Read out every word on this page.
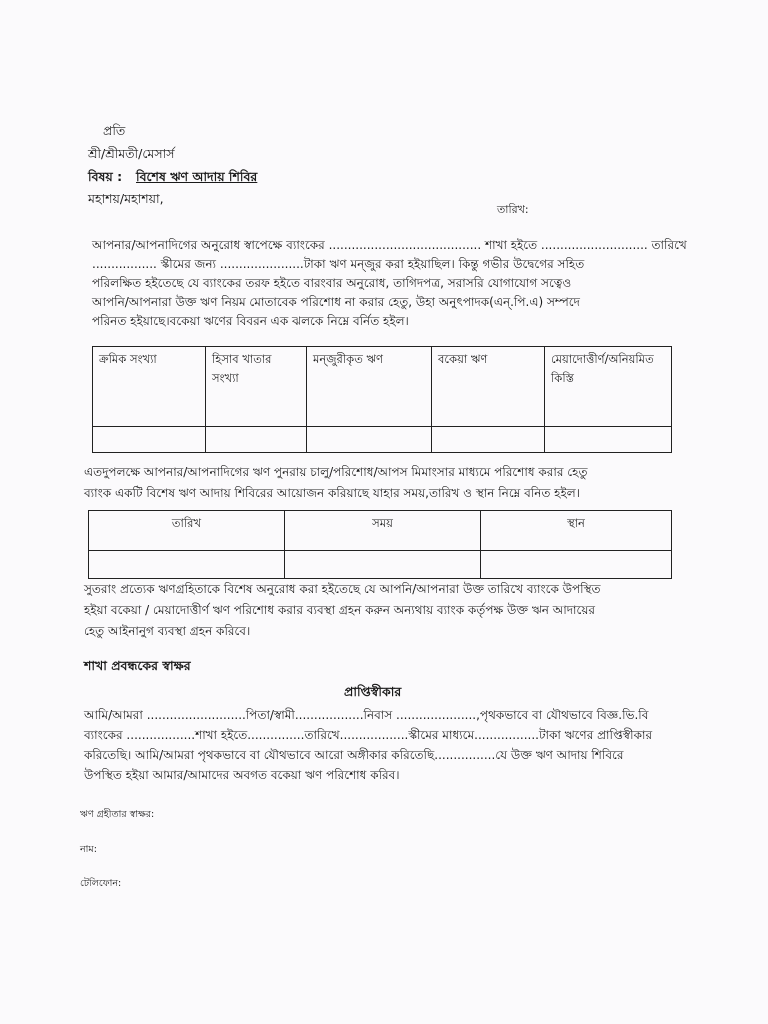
প্রতি
শ্রী/শ্রীমতী/মেসার্স
বিষয় : বিশেষ ঋণ আদায় শিবির
মহাশয়/মহাশয়া,
তারিখ:
আপনার/আপনাদিগের অনুরোধ স্বাপেক্ষে ব্যাংকের ........................................ শাখা হইতে ............................ তারিখে
................. স্কীমের জন্য ......................টাকা ঋণ মন্জুর করা হইয়াছিল। কিন্তু গভীর উদ্বেগের সহিত
পরিলক্ষিত হইতেছে যে ব্যাংকের তরফ হইতে বারংবার অনুরোধ, তাগিদপত্র, সরাসরি যোগাযোগ সত্বেও
আপনি/আপনারা উক্ত ঋণ নিয়ম মোতাবেক পরিশোধ না করার হেতু, উহা অনুৎপাদক(এন্‌.পি.এ) সম্পদে
পরিনত হইয়াছে।বকেয়া ঋণের বিবরন এক ঝলকে নিম্নে বর্নিত হইল।
ক্রমিক সংখ্যা	হিসাব খাতার সংখ্যা	মন্জুরীকৃত ঋণ	বকেয়া ঋণ	মেয়াদোত্তীর্ণ/অনিয়মিত কিস্তি

এতদুপলক্ষে আপনার/আপনাদিগের ঋণ পুনরায় চালু/পরিশোধ/আপস মিমাংসার মাধ্যমে পরিশোধ করার হেতু
ব্যাংক একটি বিশেষ ঋণ আদায় শিবিরের আয়োজন করিয়াছে যাহার সময়,তারিখ ও স্থান নিম্নে বনিত হইল।
তারিখ	সময়	স্থান

সুতরাং প্রত্যেক ঋণগ্রহিতাকে বিশেষ অনুরোধ করা হইতেছে যে আপনি/আপনারা উক্ত তারিখে ব্যাংকে উপস্থিত
হইয়া বকেয়া / মেয়াদোত্তীর্ণ ঋণ পরিশোধ করার ব্যবস্থা গ্রহন করুন অন্যথায় ব্যাংক কর্তৃপক্ষ উক্ত ঋন আদায়ের
হেতু আইনানুগ ব্যবস্থা গ্রহন করিবে।
শাখা প্রবন্ধকের স্বাক্ষর
প্রাপ্তিস্বীকার
আমি/আমরা ..........................পিতা/স্বামী..................নিবাস .....................,পৃথকভাবে বা যৌথভাবে বিজ্ঞ.ভি.বি
ব্যাংকের ..................শাখা হইতে...............তারিখে..................স্কীমের মাধ্যমে.................টাকা ঋণের প্রাপ্তিস্বীকার
করিতেছি। আমি/আমরা পৃথকভাবে বা যৌথভাবে আরো অঙ্গীকার করিতেছি................যে উক্ত ঋণ আদায় শিবিরে
উপস্থিত হইয়া আমার/আমাদের অবগত বকেয়া ঋণ পরিশোধ করিব।
ঋণ গ্রহীতার স্বাক্ষর:
নাম:
টেলিফোন:
